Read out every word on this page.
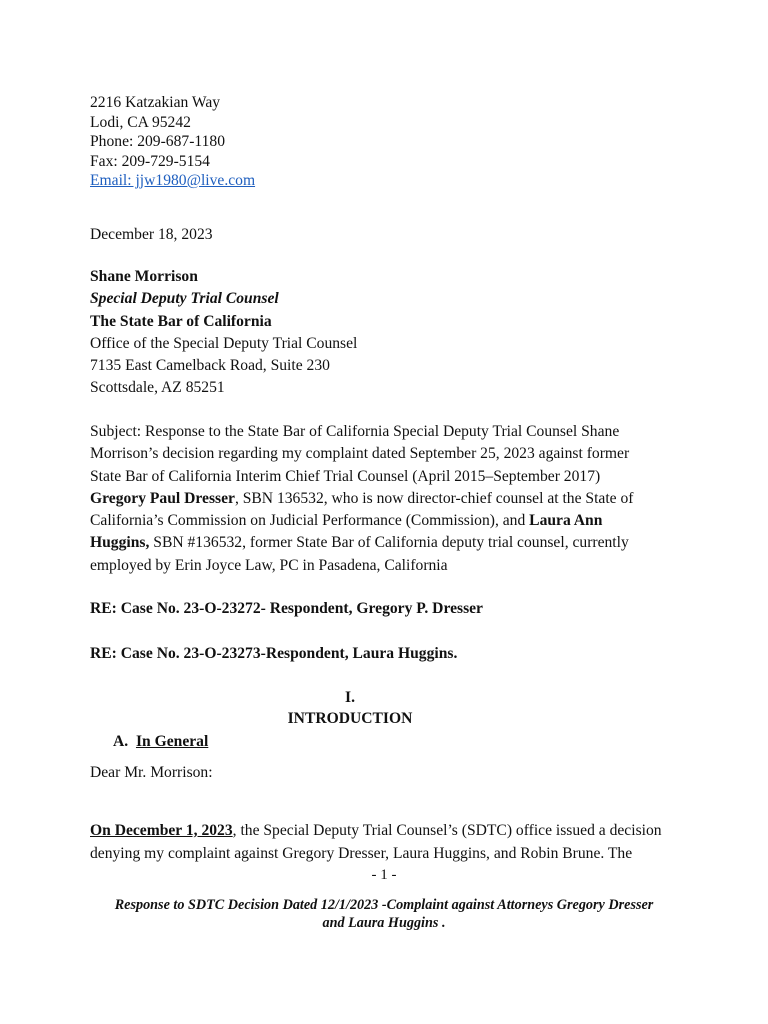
2216 Katzakian Way
Lodi, CA 95242
Phone: 209-687-1180
Fax: 209-729-5154
Email: jjw1980@live.com
December 18, 2023
Shane Morrison
Special Deputy Trial Counsel
The State Bar of California
Office of the Special Deputy Trial Counsel
7135 East Camelback Road, Suite 230
Scottsdale, AZ 85251
Subject: Response to the State Bar of California Special Deputy Trial Counsel Shane
Morrison’s decision regarding my complaint dated September 25, 2023 against former
State Bar of California Interim Chief Trial Counsel (April 2015–September 2017)
Gregory Paul Dresser, SBN 136532, who is now director-chief counsel at the State of
California’s Commission on Judicial Performance (Commission), and Laura Ann
Huggins, SBN #136532, former State Bar of California deputy trial counsel, currently
employed by Erin Joyce Law, PC in Pasadena, California
RE: Case No. 23-O-23272- Respondent, Gregory P. Dresser
RE: Case No. 23-O-23273-Respondent, Laura Huggins.
I.
INTRODUCTION
A. In General
Dear Mr. Morrison:
On December 1, 2023, the Special Deputy Trial Counsel’s (SDTC) office issued a decision
denying my complaint against Gregory Dresser, Laura Huggins, and Robin Brune. The
- 1 -
Response to SDTC Decision Dated 12/1/2023 -Complaint against Attorneys Gregory Dresser
and Laura Huggins .
